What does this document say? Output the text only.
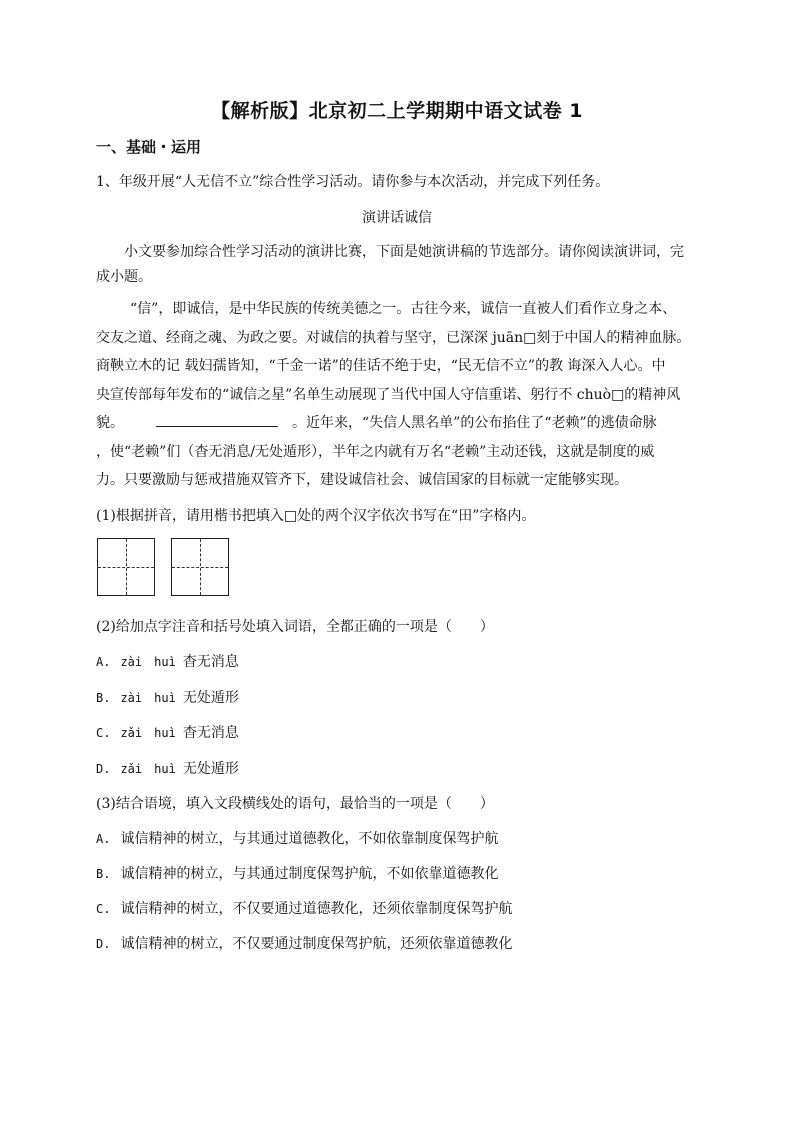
【解析版】北京初二上学期期中语文试卷 1
一、基础・运用
1、年级开展“人无信不立”综合性学习活动。请你参与本次活动，并完成下列任务。
演讲话诚信
小文要参加综合性学习活动的演讲比赛，下面是她演讲稿的节选部分。请你阅读演讲词，完
成小题。
“信”，即诚信，是中华民族的传统美德之一。古往今来，诚信一直被人们看作立身之本、
交友之道、经商之魂、为政之要。对诚信的执着与坚守，已深深 juān□刻于中国人的精神血脉。
商鞅立木的记 载妇孺皆知，“千金一诺”的佳话不绝于史，“民无信不立”的教 诲深入人心。中
央宣传部每年发布的“诚信之星”名单生动展现了当代中国人守信重诺、躬行不 chuò□的精神风
貌。	。近年来，“失信人黑名单”的公布掐住了“老赖”的逃债命脉
，使“老赖”们（杳无消息/无处遁形），半年之内就有万名“老赖”主动还钱，这就是制度的威
力。只要激励与惩戒措施双管齐下，建设诚信社会、诚信国家的目标就一定能够实现。
(1)根据拼音，请用楷书把填入□处的两个汉字依次书写在“田”字格内。
(2)给加点字注音和括号处填入词语，全都正确的一项是（　　）
A. zài　huì 杳无消息
B. zài　huì 无处遁形
C. zǎi　huì 杳无消息
D. zǎi　huì 无处遁形
(3)结合语境，填入文段横线处的语句，最恰当的一项是（　　）
A. 诚信精神的树立，与其通过道德教化，不如依靠制度保驾护航
B. 诚信精神的树立，与其通过制度保驾护航，不如依靠道德教化
C. 诚信精神的树立，不仅要通过道德教化，还须依靠制度保驾护航
D. 诚信精神的树立，不仅要通过制度保驾护航，还须依靠道德教化
